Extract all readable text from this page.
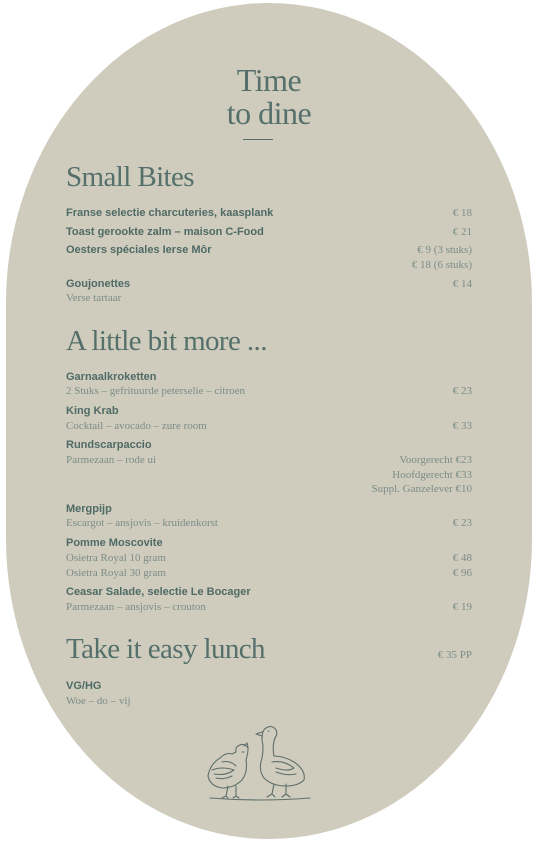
Time
to dine
Small Bites
Franse selectie charcuteries, kaasplank	€ 18
Toast gerookte zalm – maison C-Food	€ 21
Oesters spéciales Ierse Môr	€ 9 (3 stuks)
€ 18 (6 stuks)
Goujonettes	€ 14
Verse tartaar
A little bit more ...
Garnaalkroketten
2 Stuks – gefrituurde peterselie – citroen	€ 23
King Krab
Cocktail – avocado – zure room	€ 33
Rundscarpaccio
Parmezaan – rode ui	Voorgerecht €23
Hoofdgerecht €33
Suppl. Ganzelever €10
Mergpijp
Escargot – ansjovis – kruidenkorst	€ 23
Pomme Moscovite
Osietra Royal 10 gram	€ 48
Osietra Royal 30 gram	€ 96
Ceasar Salade, selectie Le Bocager
Parmezaan – ansjovis – crouton	€ 19
Take it easy lunch	€ 35 PP
VG/HG
Woe – do – vij
